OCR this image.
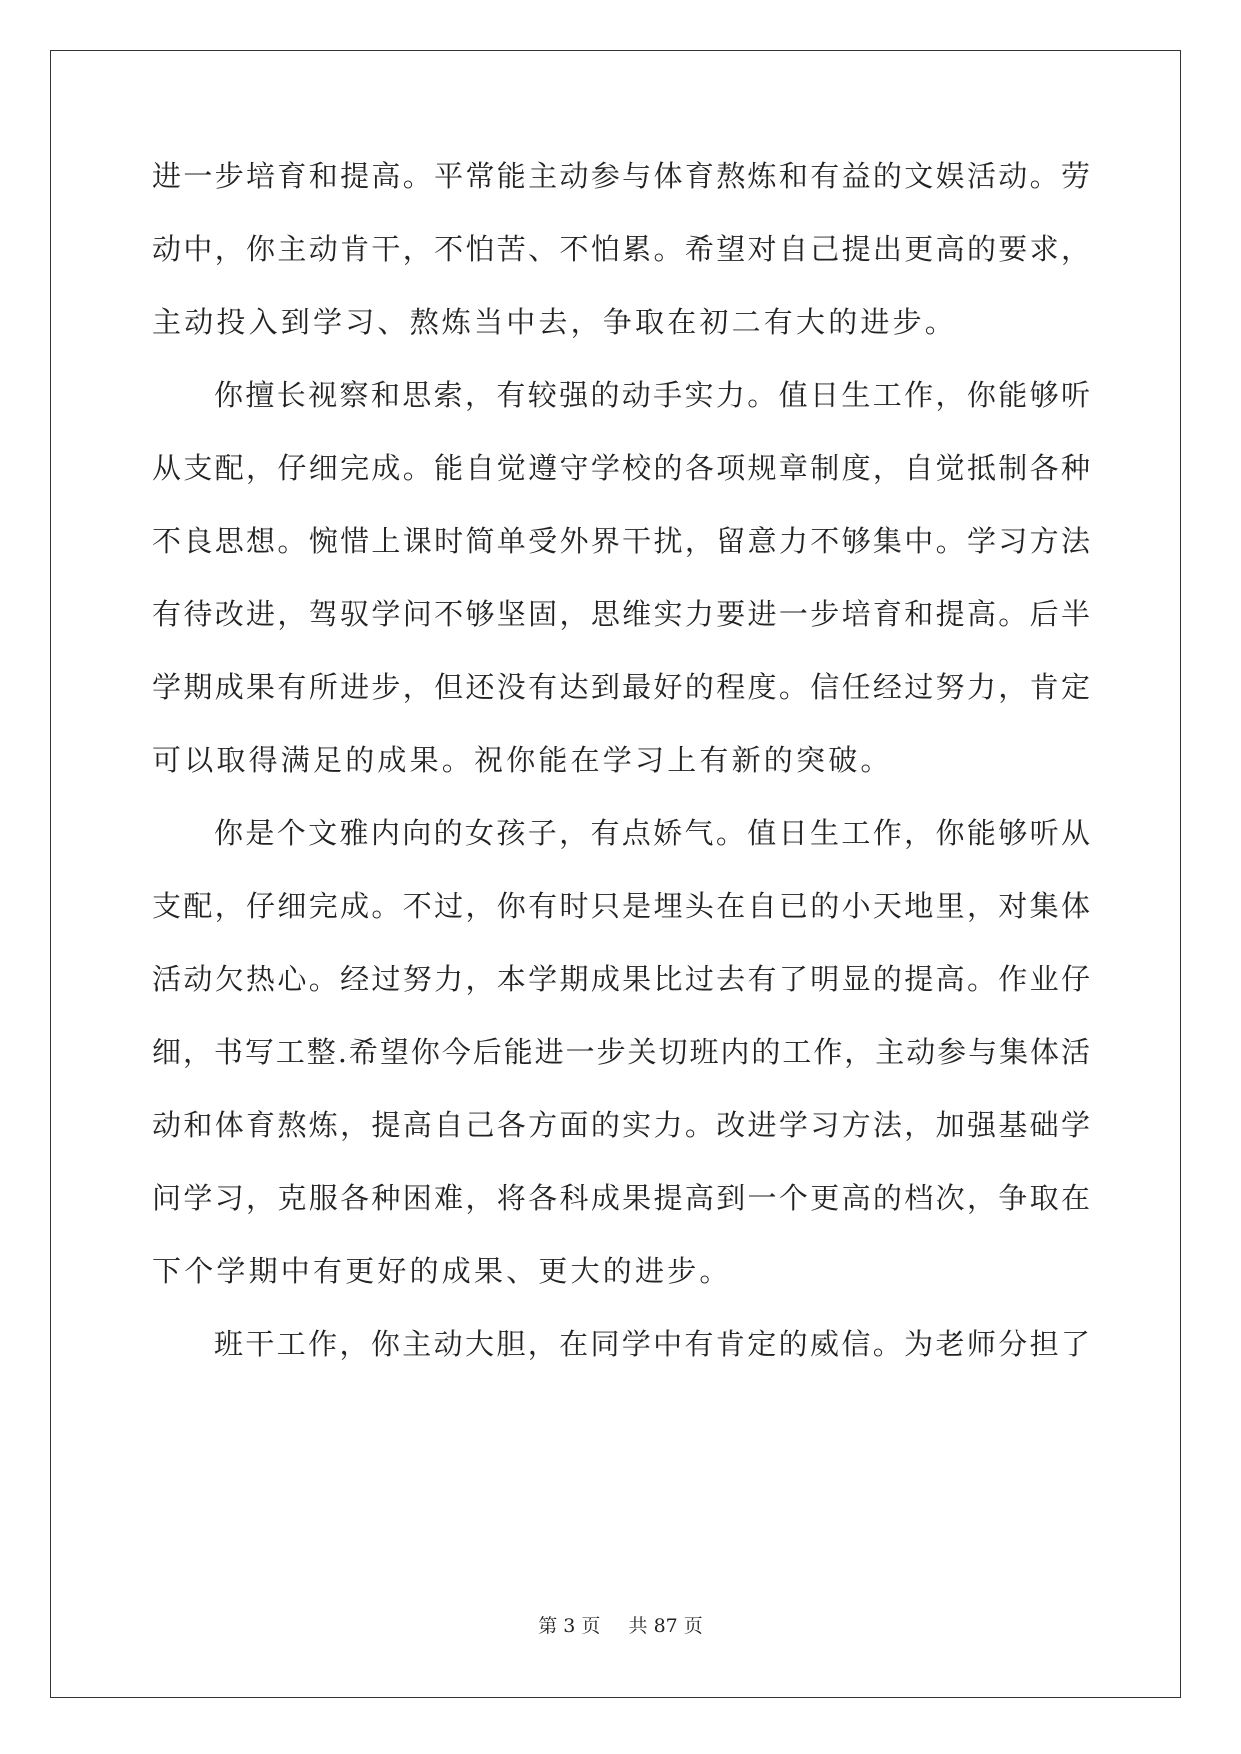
进一步培育和提高。平常能主动参与体育熬炼和有益的文娱活动。劳
动中，你主动肯干，不怕苦、不怕累。希望对自己提出更高的要求，
主动投入到学习、熬炼当中去，争取在初二有大的进步。
你擅长视察和思索，有较强的动手实力。值日生工作，你能够听
从支配，仔细完成。能自觉遵守学校的各项规章制度，自觉抵制各种
不良思想。惋惜上课时简单受外界干扰，留意力不够集中。学习方法
有待改进，驾驭学问不够坚固，思维实力要进一步培育和提高。后半
学期成果有所进步，但还没有达到最好的程度。信任经过努力，肯定
可以取得满足的成果。祝你能在学习上有新的突破。
你是个文雅内向的女孩子，有点娇气。值日生工作，你能够听从
支配，仔细完成。不过，你有时只是埋头在自已的小天地里，对集体
活动欠热心。经过努力，本学期成果比过去有了明显的提高。作业仔
细，书写工整.希望你今后能进一步关切班内的工作，主动参与集体活
动和体育熬炼，提高自己各方面的实力。改进学习方法，加强基础学
问学习，克服各种困难，将各科成果提高到一个更高的档次，争取在
下个学期中有更好的成果、更大的进步。
班干工作，你主动大胆，在同学中有肯定的威信。为老师分担了
第 3 页 共 87 页
